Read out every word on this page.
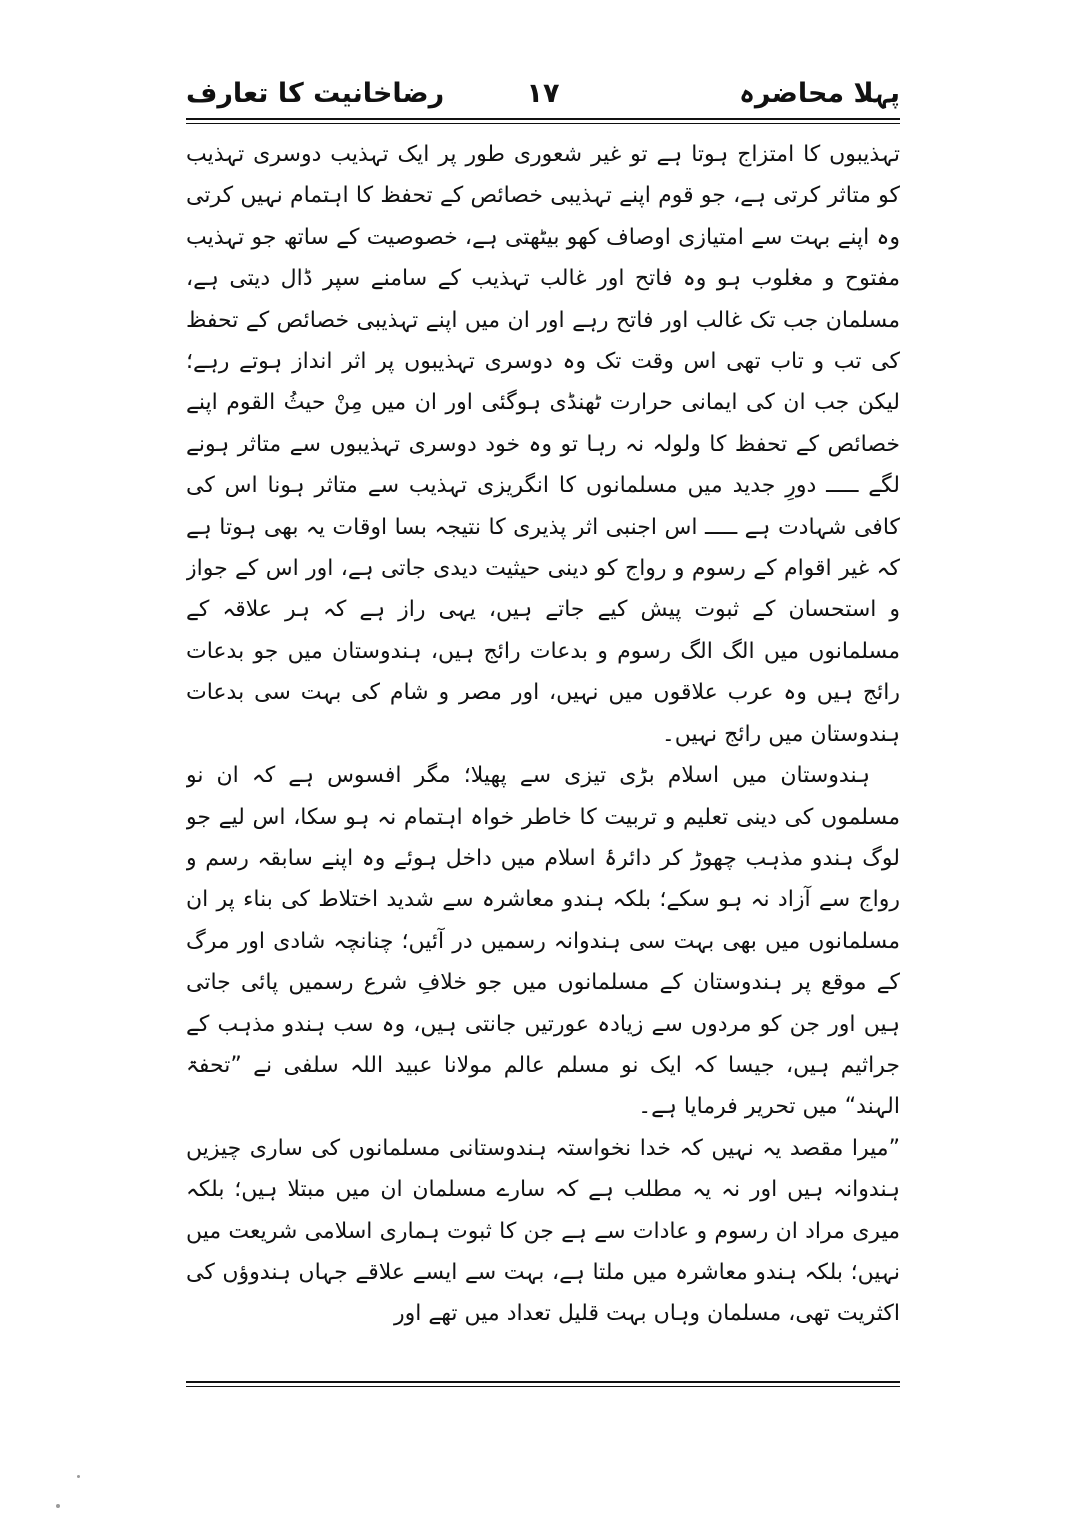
پہلا محاضرہ
١٧
رضاخانیت کا تعارف

تہذیبوں کا امتزاج ہوتا ہے تو غیر شعوری طور پر ایک تہذیب دوسری تہذیب کو متاثر کرتی ہے، جو قوم اپنے تہذیبی خصائص کے تحفظ کا اہتمام نہیں کرتی وہ اپنے بہت سے امتیازی اوصاف کھو بیٹھتی ہے، خصوصیت کے ساتھ جو تہذیب مفتوح و مغلوب ہو وہ فاتح اور غالب تہذیب کے سامنے سپر ڈال دیتی ہے، مسلمان جب تک غالب اور فاتح رہے اور ان میں اپنے تہذیبی خصائص کے تحفظ کی تب و تاب تھی اس وقت تک وہ دوسری تہذیبوں پر اثر انداز ہوتے رہے؛ لیکن جب ان کی ایمانی حرارت ٹھنڈی ہوگئی اور ان میں مِنْ حیثُ القوم اپنے خصائص کے تحفظ کا ولولہ نہ رہا تو وہ خود دوسری تہذیبوں سے متاثر ہونے لگے ـــــ دورِ جدید میں مسلمانوں کا انگریزی تہذیب سے متاثر ہونا اس کی کافی شہادت ہے ـــــ اس اجنبی اثر پذیری کا نتیجہ بسا اوقات یہ بھی ہوتا ہے کہ غیر اقوام کے رسوم و رواج کو دینی حیثیت دیدی جاتی ہے، اور اس کے جواز و استحسان کے ثبوت پیش کیے جاتے ہیں، یہی راز ہے کہ ہر علاقہ کے مسلمانوں میں الگ الگ رسوم و بدعات رائج ہیں، ہندوستان میں جو بدعات رائج ہیں وہ عرب علاقوں میں نہیں، اور مصر و شام کی بہت سی بدعات ہندوستان میں رائج نہیں۔

ہندوستان میں اسلام بڑی تیزی سے پھیلا؛ مگر افسوس ہے کہ ان نو مسلموں کی دینی تعلیم و تربیت کا خاطر خواہ اہتمام نہ ہو سکا، اس لیے جو لوگ ہندو مذہب چھوڑ کر دائرۂ اسلام میں داخل ہوئے وہ اپنے سابقہ رسم و رواج سے آزاد نہ ہو سکے؛ بلکہ ہندو معاشرہ سے شدید اختلاط کی بناء پر ان مسلمانوں میں بھی بہت سی ہندوانہ رسمیں در آئیں؛ چنانچہ شادی اور مرگ کے موقع پر ہندوستان کے مسلمانوں میں جو خلافِ شرع رسمیں پائی جاتی ہیں اور جن کو مردوں سے زیادہ عورتیں جانتی ہیں، وہ سب ہندو مذہب کے جراثیم ہیں، جیسا کہ ایک نو مسلم عالم مولانا عبید اللہ سلفی نے ”تحفۃ الہند“ میں تحریر فرمایا ہے۔

”میرا مقصد یہ نہیں کہ خدا نخواستہ ہندوستانی مسلمانوں کی ساری چیزیں ہندوانہ ہیں اور نہ یہ مطلب ہے کہ سارے مسلمان ان میں مبتلا ہیں؛ بلکہ میری مراد ان رسوم و عادات سے ہے جن کا ثبوت ہماری اسلامی شریعت میں نہیں؛ بلکہ ہندو معاشرہ میں ملتا ہے، بہت سے ایسے علاقے جہاں ہندوؤں کی اکثریت تھی، مسلمان وہاں بہت قلیل تعداد میں تھے اور
